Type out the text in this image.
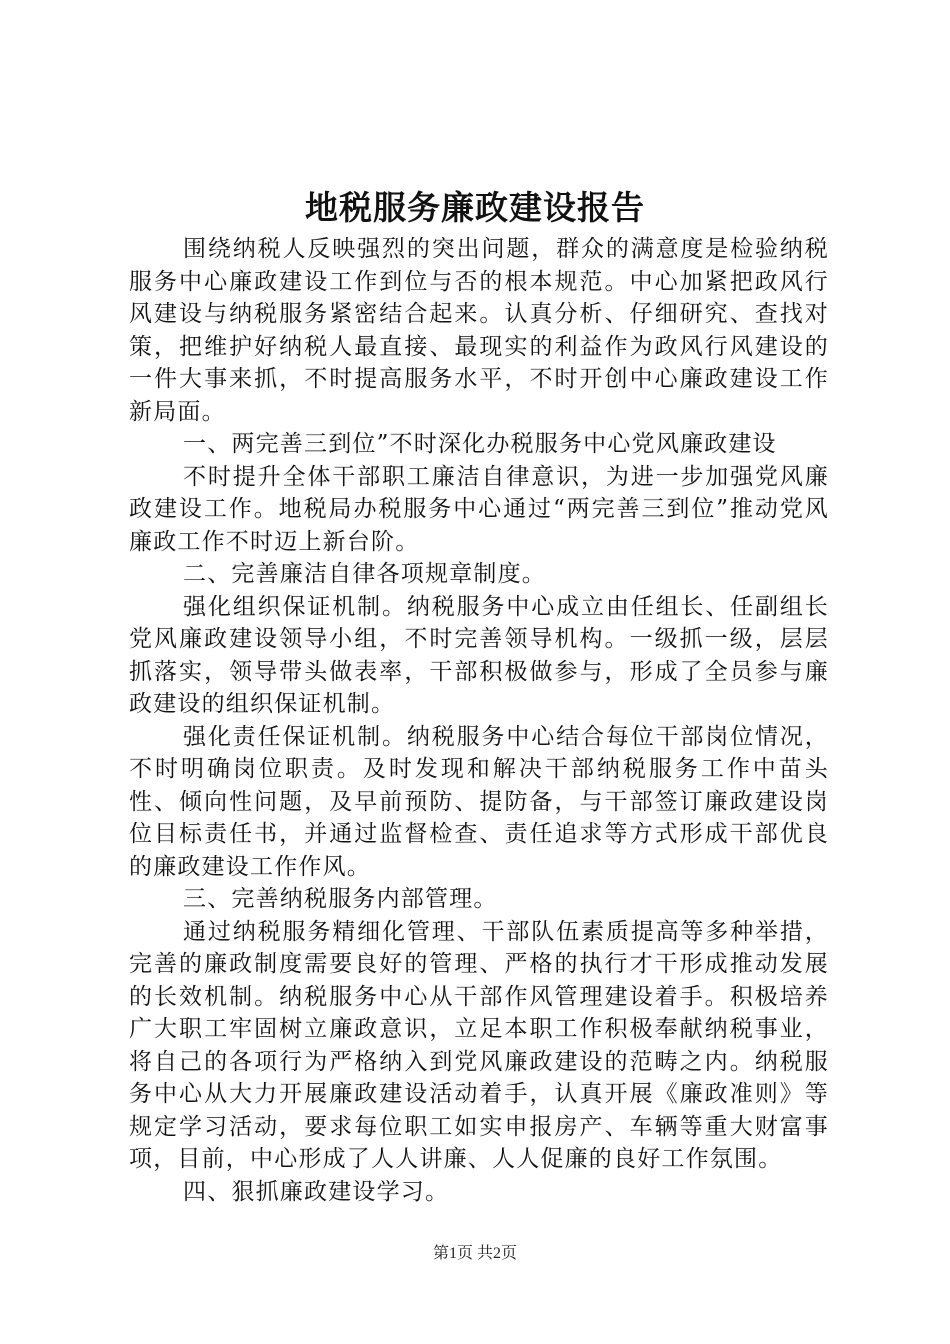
地税服务廉政建设报告

围绕纳税人反映强烈的突出问题，群众的满意度是检验纳税服务中心廉政建设工作到位与否的根本规范。中心加紧把政风行风建设与纳税服务紧密结合起来。认真分析、仔细研究、查找对策，把维护好纳税人最直接、最现实的利益作为政风行风建设的一件大事来抓，不时提高服务水平，不时开创中心廉政建设工作新局面。

一、两完善三到位”不时深化办税服务中心党风廉政建设

不时提升全体干部职工廉洁自律意识，为进一步加强党风廉政建设工作。地税局办税服务中心通过“两完善三到位”推动党风廉政工作不时迈上新台阶。

二、完善廉洁自律各项规章制度。

强化组织保证机制。纳税服务中心成立由任组长、任副组长党风廉政建设领导小组，不时完善领导机构。一级抓一级，层层抓落实，领导带头做表率，干部积极做参与，形成了全员参与廉政建设的组织保证机制。

强化责任保证机制。纳税服务中心结合每位干部岗位情况，不时明确岗位职责。及时发现和解决干部纳税服务工作中苗头性、倾向性问题，及早前预防、提防备，与干部签订廉政建设岗位目标责任书，并通过监督检查、责任追求等方式形成干部优良的廉政建设工作作风。

三、完善纳税服务内部管理。

通过纳税服务精细化管理、干部队伍素质提高等多种举措，完善的廉政制度需要良好的管理、严格的执行才干形成推动发展的长效机制。纳税服务中心从干部作风管理建设着手。积极培养广大职工牢固树立廉政意识，立足本职工作积极奉献纳税事业，将自己的各项行为严格纳入到党风廉政建设的范畴之内。纳税服务中心从大力开展廉政建设活动着手，认真开展《廉政准则》等规定学习活动，要求每位职工如实申报房产、车辆等重大财富事项，目前，中心形成了人人讲廉、人人促廉的良好工作氛围。

四、狠抓廉政建设学习。

第1页 共2页
